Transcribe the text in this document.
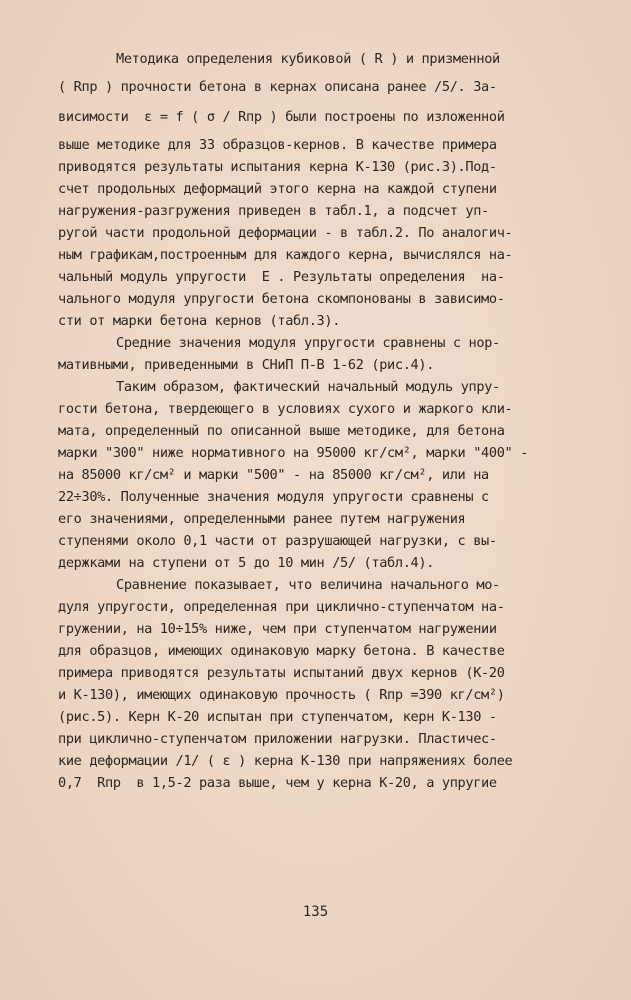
Методика определения кубиковой ( R ) и призменной
( Rпр ) прочности бетона в кернах описана ранее /5/. За-
висимости  ε = f ( σ / Rпр ) были построены по изложенной
выше методике для 33 образцов-кернов. В качестве примера
приводятся результаты испытания керна К-130 (рис.3).Под-
счет продольных деформаций этого керна на каждой ступени
нагружения-разгружения приведен в табл.1, а подсчет уп-
ругой части продольной деформации - в табл.2. По аналогич-
ным графикам,построенным для каждого керна, вычислялся на-
чальный модуль упругости  E . Результаты определения  на-
чального модуля упругости бетона скомпонованы в зависимо-
сти от марки бетона кернов (табл.3).
Средние значения модуля упругости сравнены с нор-
мативными, приведенными в СНиП П-В 1-62 (рис.4).
Таким образом, фактический начальный модуль упру-
гости бетона, твердеющего в условиях сухого и жаркого кли-
мата, определенный по описанной выше методике, для бетона
марки "300" ниже нормативного на 95000 кг/см², марки "400" -
на 85000 кг/см² и марки "500" - на 85000 кг/см², или на
22÷30%. Полученные значения модуля упругости сравнены с
его значениями, определенными ранее путем нагружения
ступенями около 0,1 части от разрушающей нагрузки, с вы-
держками на ступени от 5 до 10 мин /5/ (табл.4).
Сравнение показывает, что величина начального мо-
дуля упругости, определенная при циклично-ступенчатом на-
гружении, на 10÷15% ниже, чем при ступенчатом нагружении
для образцов, имеющих одинаковую марку бетона. В качестве
примера приводятся результаты испытаний двух кернов (К-20
и К-130), имеющих одинаковую прочность ( Rпр =390 кг/см²)
(рис.5). Керн К-20 испытан при ступенчатом, керн К-130 -
при циклично-ступенчатом приложении нагрузки. Пластичес-
кие деформации /1/ ( ε ) керна К-130 при напряжениях более
0,7  Rпр  в 1,5-2 раза выше, чем у керна К-20, а упругие
135
